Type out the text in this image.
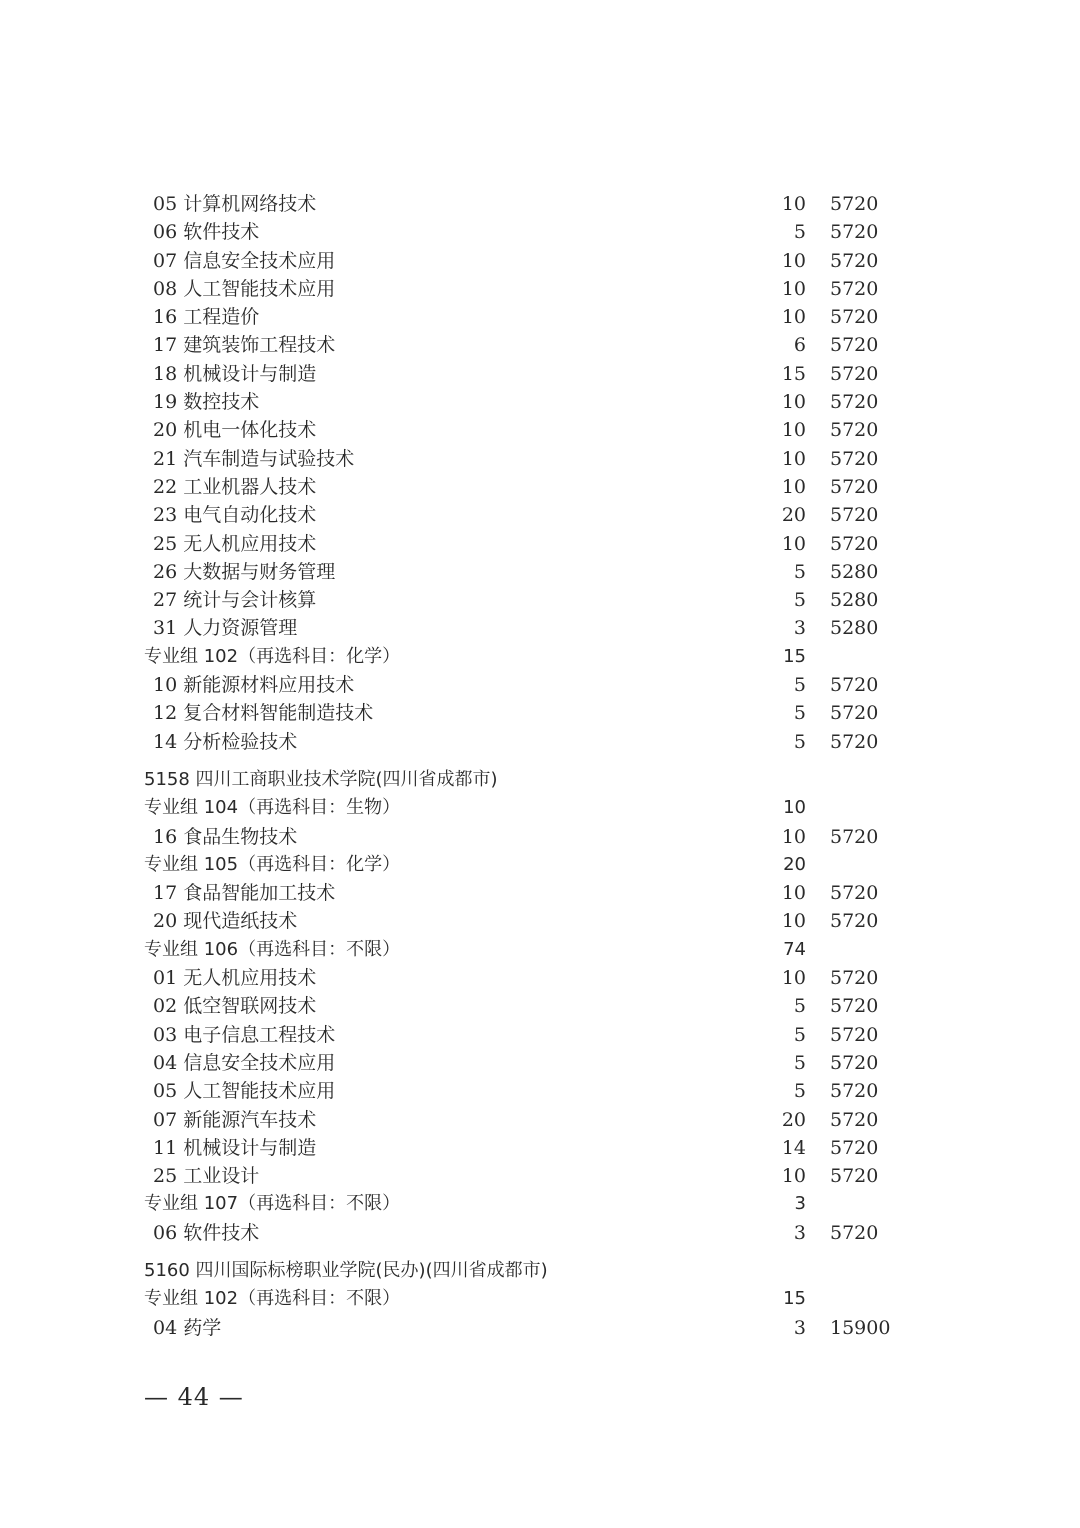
05 计算机网络技术	10 5720
06 软件技术	5 5720
07 信息安全技术应用	10 5720
08 人工智能技术应用	10 5720
16 工程造价	10 5720
17 建筑装饰工程技术	6 5720
18 机械设计与制造	15 5720
19 数控技术	10 5720
20 机电一体化技术	10 5720
21 汽车制造与试验技术	10 5720
22 工业机器人技术	10 5720
23 电气自动化技术	20 5720
25 无人机应用技术	10 5720
26 大数据与财务管理	5 5280
27 统计与会计核算	5 5280
31 人力资源管理	3 5280
专业组 102（再选科目：化学）	15
10 新能源材料应用技术	5 5720
12 复合材料智能制造技术	5 5720
14 分析检验技术	5 5720
5158 四川工商职业技术学院(四川省成都市)
专业组 104（再选科目：生物）	10
16 食品生物技术	10 5720
专业组 105（再选科目：化学）	20
17 食品智能加工技术	10 5720
20 现代造纸技术	10 5720
专业组 106（再选科目：不限）	74
01 无人机应用技术	10 5720
02 低空智联网技术	5 5720
03 电子信息工程技术	5 5720
04 信息安全技术应用	5 5720
05 人工智能技术应用	5 5720
07 新能源汽车技术	20 5720
11 机械设计与制造	14 5720
25 工业设计	10 5720
专业组 107（再选科目：不限）	3
06 软件技术	3 5720
5160 四川国际标榜职业学院(民办)(四川省成都市)
专业组 102（再选科目：不限）	15
04 药学	3 15900
— 44 —
